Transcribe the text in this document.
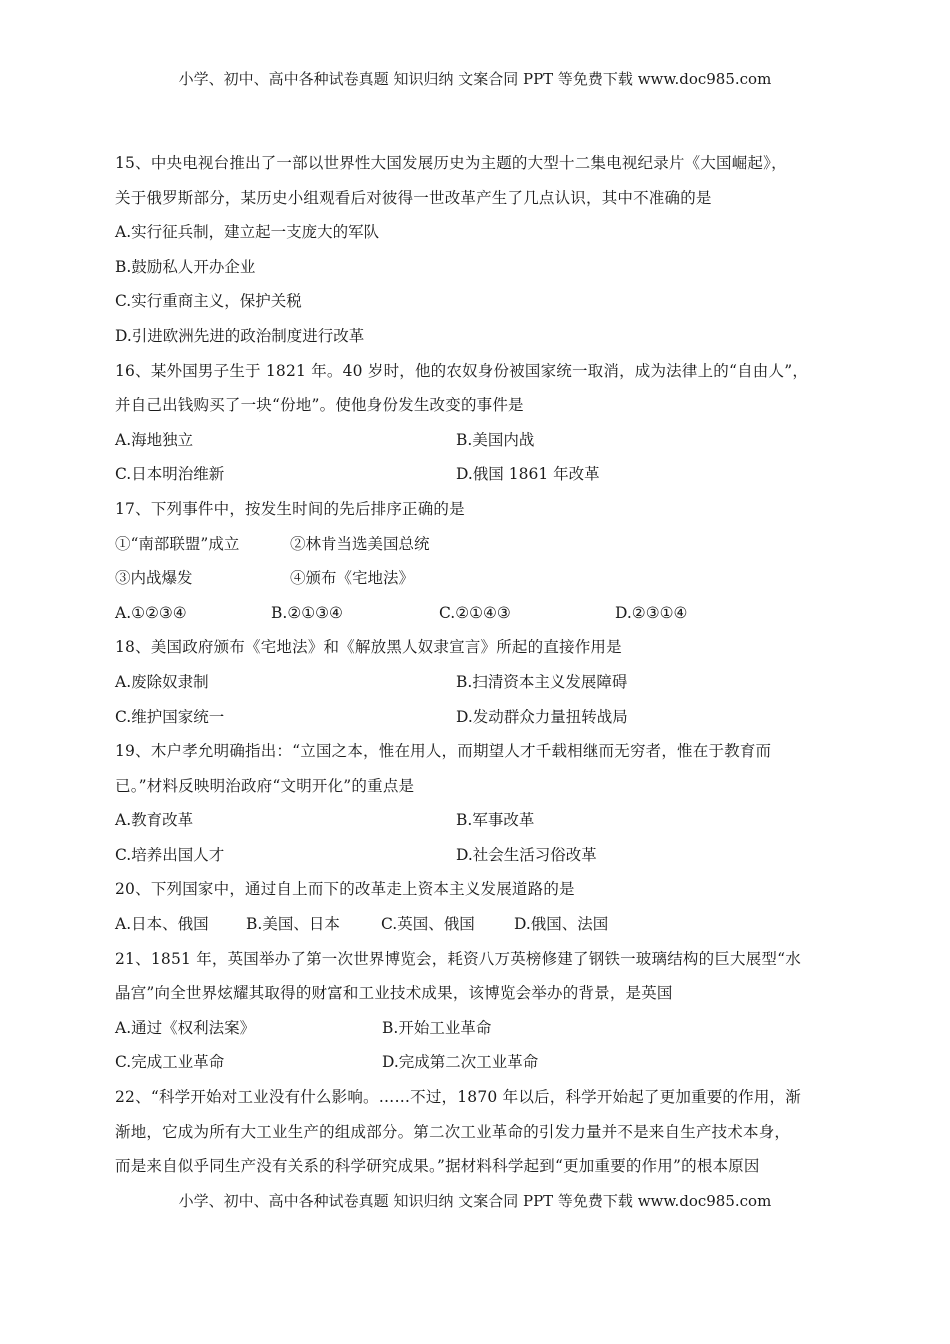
小学、初中、高中各种试卷真题 知识归纳 文案合同 PPT 等免费下载 www.doc985.com
15、中央电视台推出了一部以世界性大国发展历史为主题的大型十二集电视纪录片《大国崛起》，
关于俄罗斯部分，某历史小组观看后对彼得一世改革产生了几点认识，其中不准确的是
A.实行征兵制，建立起一支庞大的军队
B.鼓励私人开办企业
C.实行重商主义，保护关税
D.引进欧洲先进的政治制度进行改革
16、某外国男子生于 1821 年。40 岁时，他的农奴身份被国家统一取消，成为法律上的“自由人”，
并自己出钱购买了一块“份地”。使他身份发生改变的事件是
A.海地独立	B.美国内战
C.日本明治维新	D.俄国 1861 年改革
17、下列事件中，按发生时间的先后排序正确的是
①“南部联盟”成立	②林肯当选美国总统
③内战爆发	④颁布《宅地法》
A.①②③④	B.②①③④	C.②①④③	D.②③①④
18、美国政府颁布《宅地法》和《解放黑人奴隶宣言》所起的直接作用是
A.废除奴隶制	B.扫清资本主义发展障碍
C.维护国家统一	D.发动群众力量扭转战局
19、木户孝允明确指出：“立国之本，惟在用人，而期望人才千载相继而无穷者，惟在于教育而
已。”材料反映明治政府“文明开化”的重点是
A.教育改革	B.军事改革
C.培养出国人才	D.社会生活习俗改革
20、下列国家中，通过自上而下的改革走上资本主义发展道路的是
A.日本、俄国 B.美国、日本	C.英国、俄国	D.俄国、法国
21、1851 年，英国举办了第一次世界博览会，耗资八万英榜修建了钢铁一玻璃结构的巨大展型“水
晶宫”向全世界炫耀其取得的财富和工业技术成果，该博览会举办的背景，是英国
A.通过《权利法案》	B.开始工业革命
C.完成工业革命	D.完成第二次工业革命
22、“科学开始对工业没有什么影响。……不过，1870 年以后，科学开始起了更加重要的作用，渐
渐地，它成为所有大工业生产的组成部分。第二次工业革命的引发力量并不是来自生产技术本身，
而是来自似乎同生产没有关系的科学研究成果。”据材料科学起到“更加重要的作用”的根本原因
小学、初中、高中各种试卷真题 知识归纳 文案合同 PPT 等免费下载 www.doc985.com
